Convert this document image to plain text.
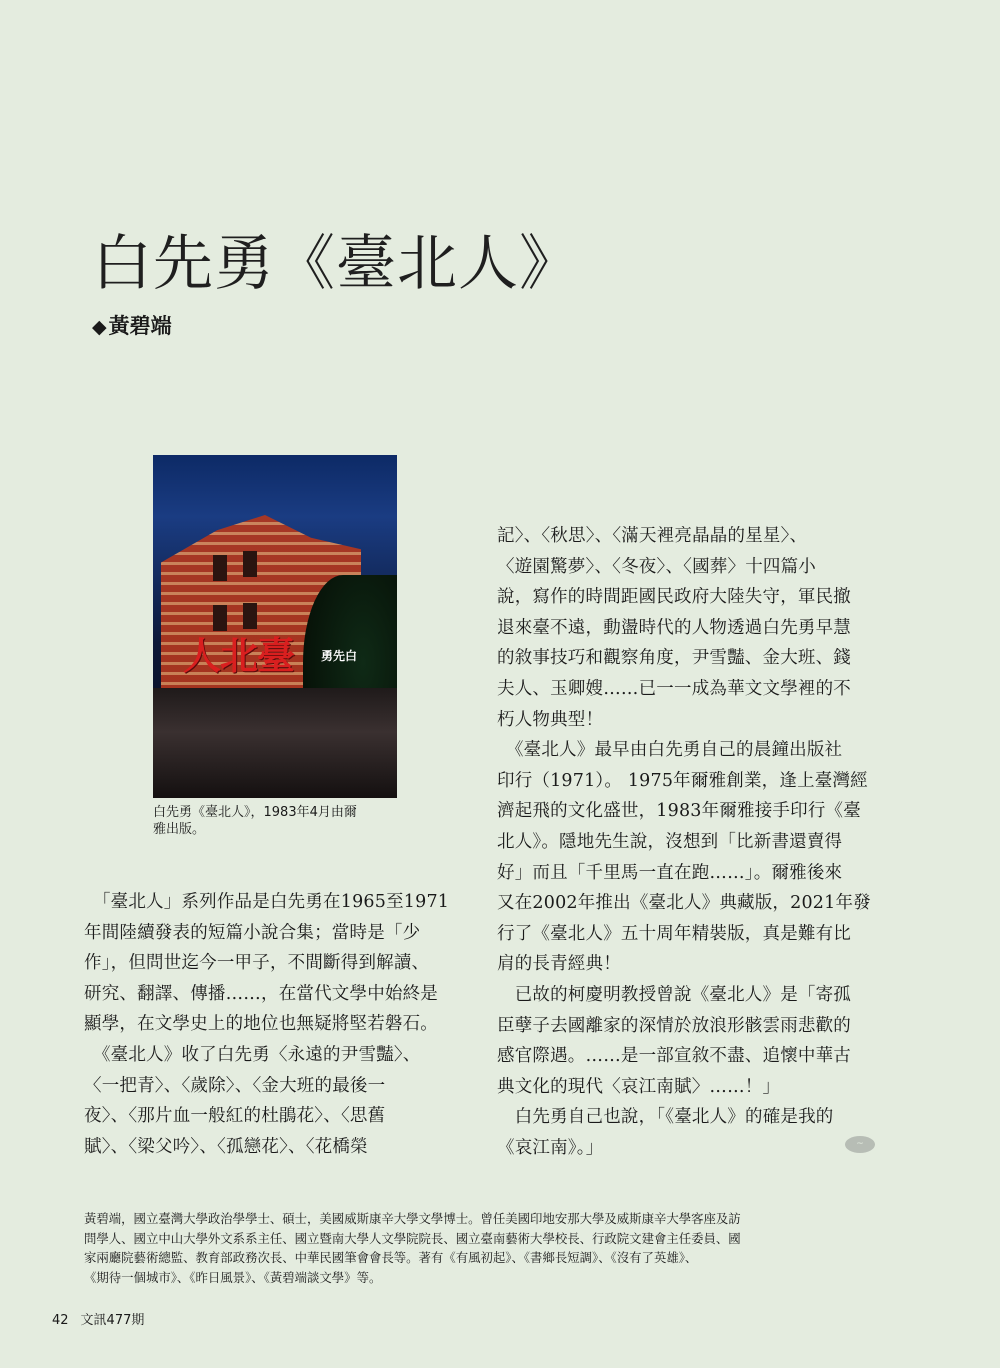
白先勇《臺北人》
◆黃碧端
臺北人 白先勇
白先勇《臺北人》，1983年4月由爾
雅出版。
　「臺北人」系列作品是白先勇在1965至1971
年間陸續發表的短篇小說合集；當時是「少
作」，但問世迄今一甲子，不間斷得到解讀、
研究、翻譯、傳播……，在當代文學中始終是
顯學，在文學史上的地位也無疑將堅若磐石。
　《臺北人》收了白先勇〈永遠的尹雪豔〉、
〈一把青〉、〈歲除〉、〈金大班的最後一
夜〉、〈那片血一般紅的杜鵑花〉、〈思舊
賦〉、〈梁父吟〉、〈孤戀花〉、〈花橋榮
記〉、〈秋思〉、〈滿天裡亮晶晶的星星〉、
〈遊園驚夢〉、〈冬夜〉、〈國葬〉十四篇小
說，寫作的時間距國民政府大陸失守，軍民撤
退來臺不遠，動盪時代的人物透過白先勇早慧
的敘事技巧和觀察角度，尹雪豔、金大班、錢
夫人、玉卿嫂……已一一成為華文文學裡的不
朽人物典型！
　《臺北人》最早由白先勇自己的晨鐘出版社
印行（1971）。 1975年爾雅創業，逢上臺灣經
濟起飛的文化盛世，1983年爾雅接手印行《臺
北人》。隱地先生說，沒想到「比新書還賣得
好」而且「千里馬一直在跑……」。爾雅後來
又在2002年推出《臺北人》典藏版，2021年發
行了《臺北人》五十周年精裝版，真是難有比
肩的長青經典！
　已故的柯慶明教授曾說《臺北人》是「寄孤
臣孽子去國離家的深情於放浪形骸雲雨悲歡的
感官際遇。……是一部宣敘不盡、追懷中華古
典文化的現代〈哀江南賦〉……！」
　白先勇自己也說，「《臺北人》的確是我的
《哀江南》。」	~
黃碧端，國立臺灣大學政治學學士、碩士，美國威斯康辛大學文學博士。曾任美國印地安那大學及威斯康辛大學客座及訪
問學人、國立中山大學外文系系主任、國立暨南大學人文學院院長、國立臺南藝術大學校長、行政院文建會主任委員、國
家兩廳院藝術總監、教育部政務次長、中華民國筆會會長等。著有《有風初起》、《書鄉長短調》、《沒有了英雄》、
《期待一個城市》、《昨日風景》、《黃碧端談文學》等。
42 文訊477期
